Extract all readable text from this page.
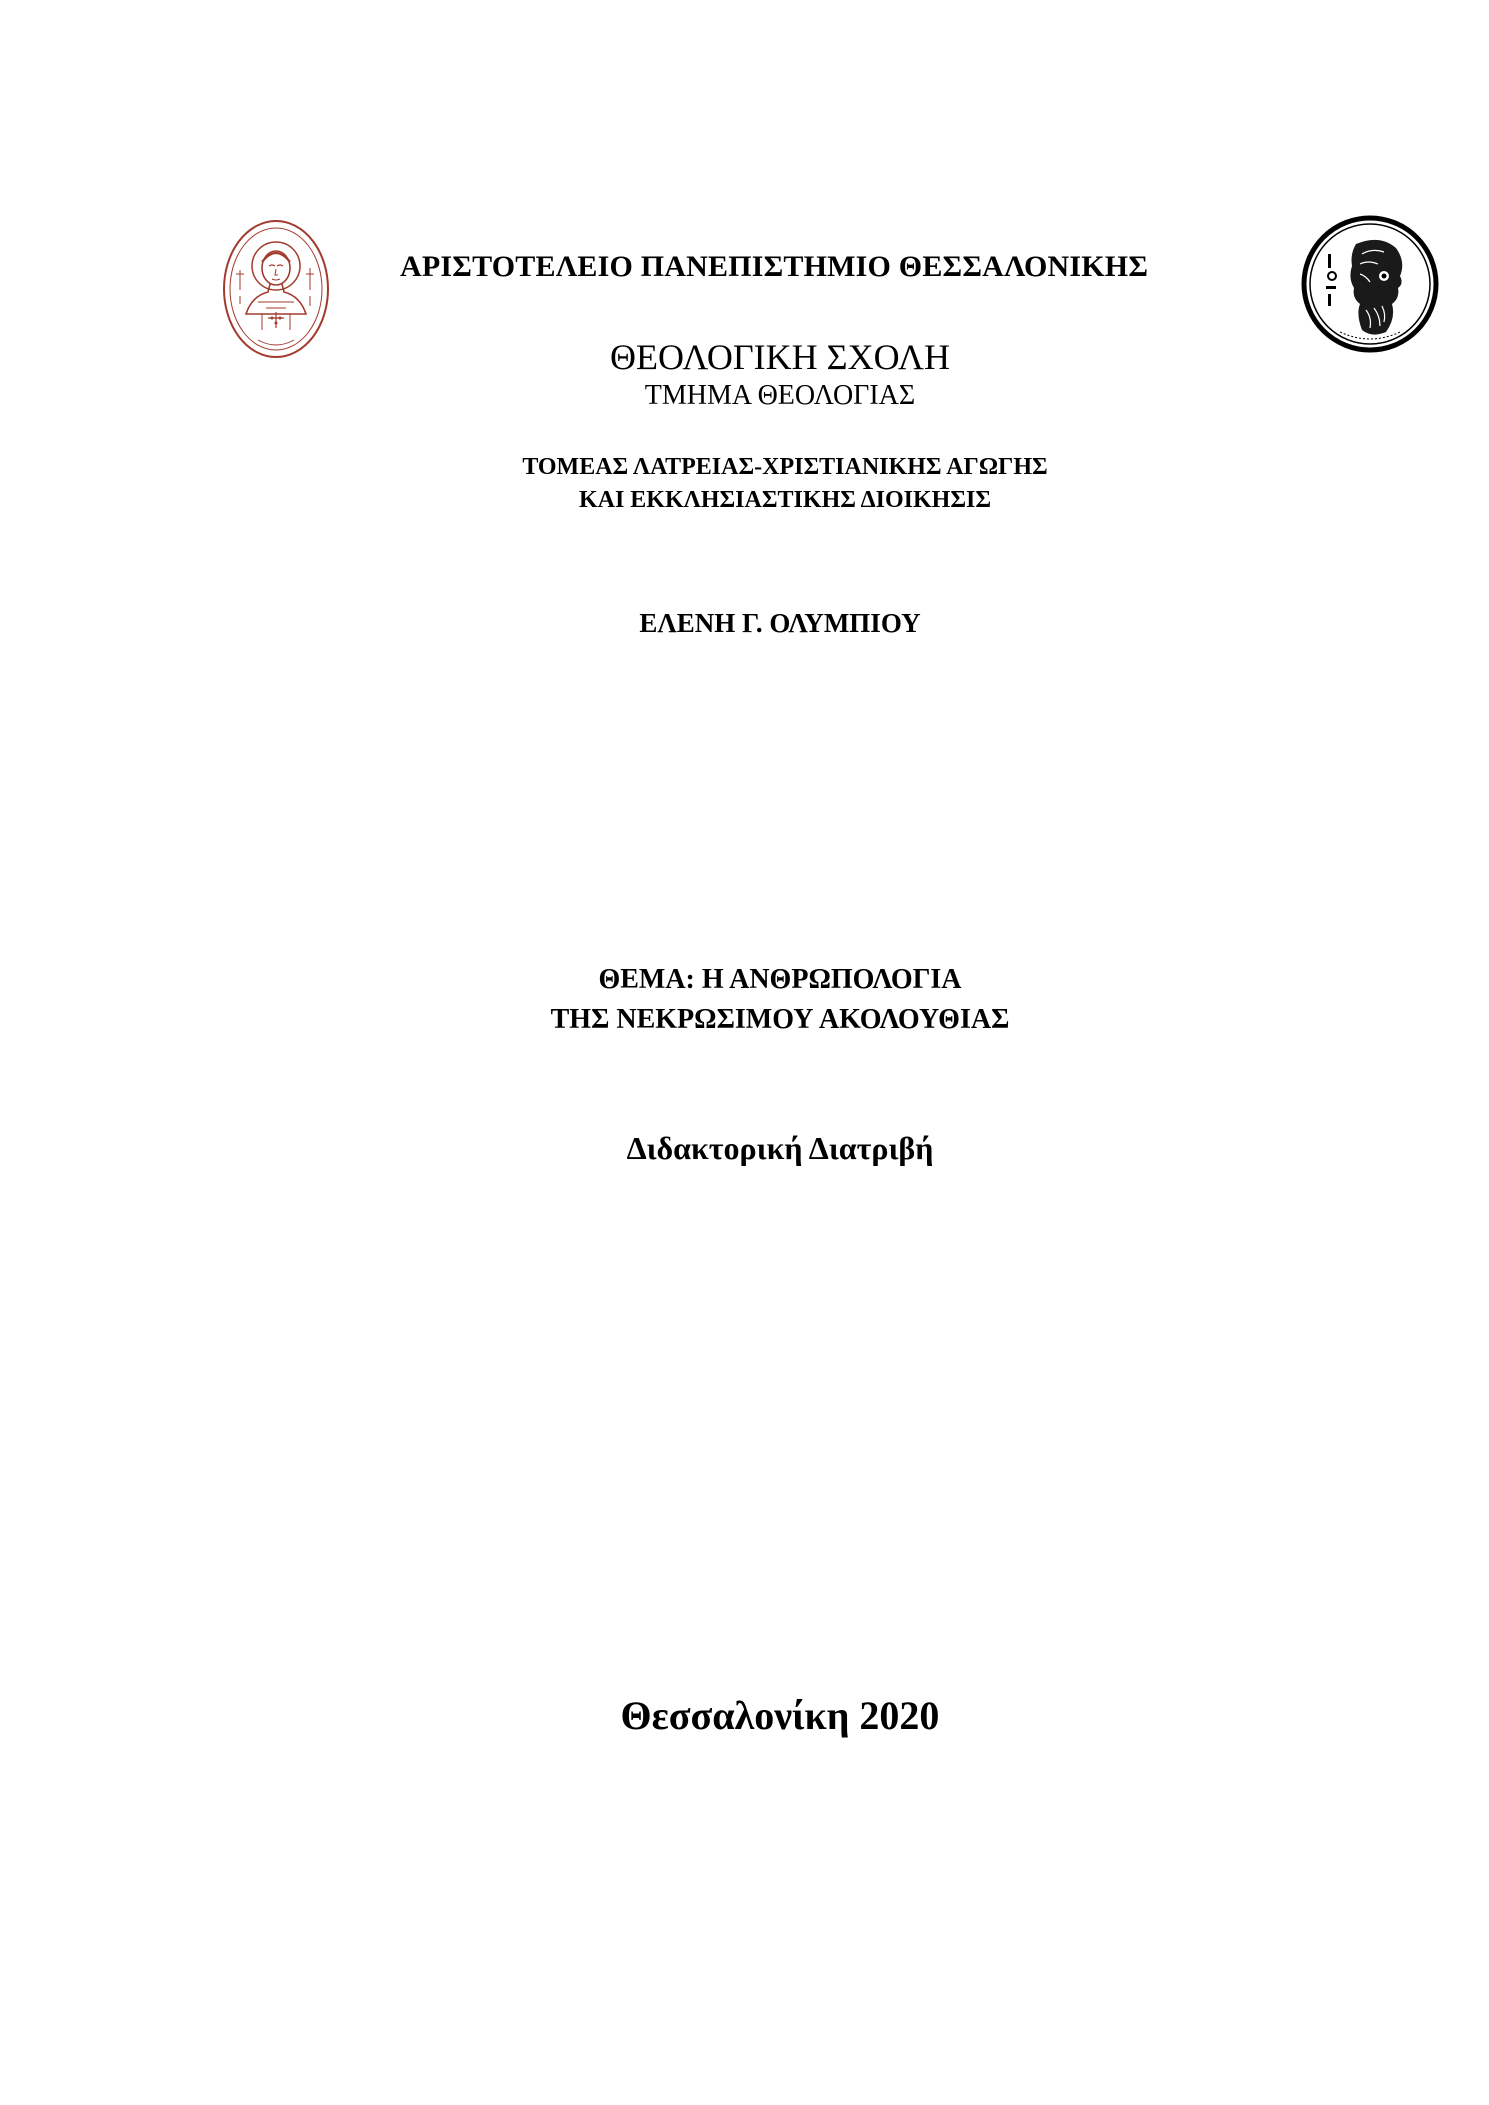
ΑΡΙΣΤΟΤΕΛΕΙΟ ΠΑΝΕΠΙΣΤΗΜΙΟ ΘΕΣΣΑΛΟΝΙΚΗΣ
ΘΕΟΛΟΓΙΚΗ ΣΧΟΛΗ
ΤΜΗΜΑ ΘΕΟΛΟΓΙΑΣ
ΤΟΜΕΑΣ ΛΑΤΡΕΙΑΣ-ΧΡΙΣΤΙΑΝΙΚΗΣ ΑΓΩΓΗΣ
ΚΑΙ ΕΚΚΛΗΣΙΑΣΤΙΚΗΣ ΔΙΟΙΚΗΣΙΣ
ΕΛΕΝΗ Γ. ΟΛΥΜΠΙΟΥ
ΘΕΜΑ: Η ΑΝΘΡΩΠΟΛΟΓΙΑ
ΤΗΣ ΝΕΚΡΩΣΙΜΟΥ ΑΚΟΛΟΥΘΙΑΣ
Διδακτορική Διατριβή
Θεσσαλονίκη 2020
